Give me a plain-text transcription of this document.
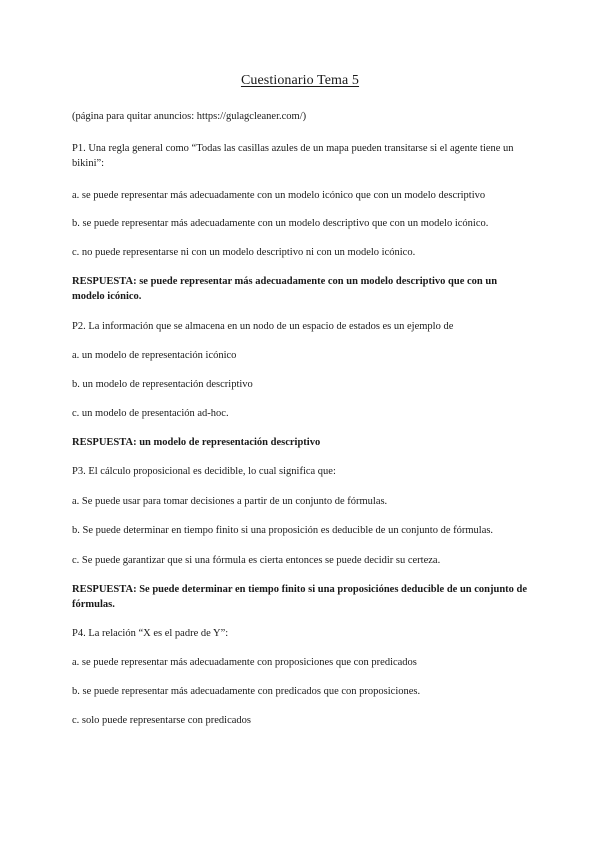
Cuestionario Tema 5
(página para quitar anuncios: https://gulagcleaner.com/)
P1. Una regla general como “Todas las casillas azules de un mapa pueden transitarse si el agente tiene un bikini”:
a. se puede representar más adecuadamente con un modelo icónico que con un modelo descriptivo
b. se puede representar más adecuadamente con un modelo descriptivo que con un modelo icónico.
c. no puede representarse ni con un modelo descriptivo ni con un modelo icónico.
RESPUESTA: se puede representar más adecuadamente con un modelo descriptivo que con un modelo icónico.
P2. La información que se almacena en un nodo de un espacio de estados es un ejemplo de
a. un modelo de representación icónico
b. un modelo de representación descriptivo
c. un modelo de presentación ad-hoc.
RESPUESTA: un modelo de representación descriptivo
P3. El cálculo proposicional es decidible, lo cual significa que:
a. Se puede usar para tomar decisiones a partir de un conjunto de fórmulas.
b. Se puede determinar en tiempo finito si una proposición es deducible de un conjunto de fórmulas.
c. Se puede garantizar que si una fórmula es cierta entonces se puede decidir su certeza.
RESPUESTA: Se puede determinar en tiempo finito si una proposiciónes deducible de un conjunto de fórmulas.
P4. La relación “X es el padre de Y”:
a. se puede representar más adecuadamente con proposiciones que con predicados
b. se puede representar más adecuadamente con predicados que con proposiciones.
c. solo puede representarse con predicados
